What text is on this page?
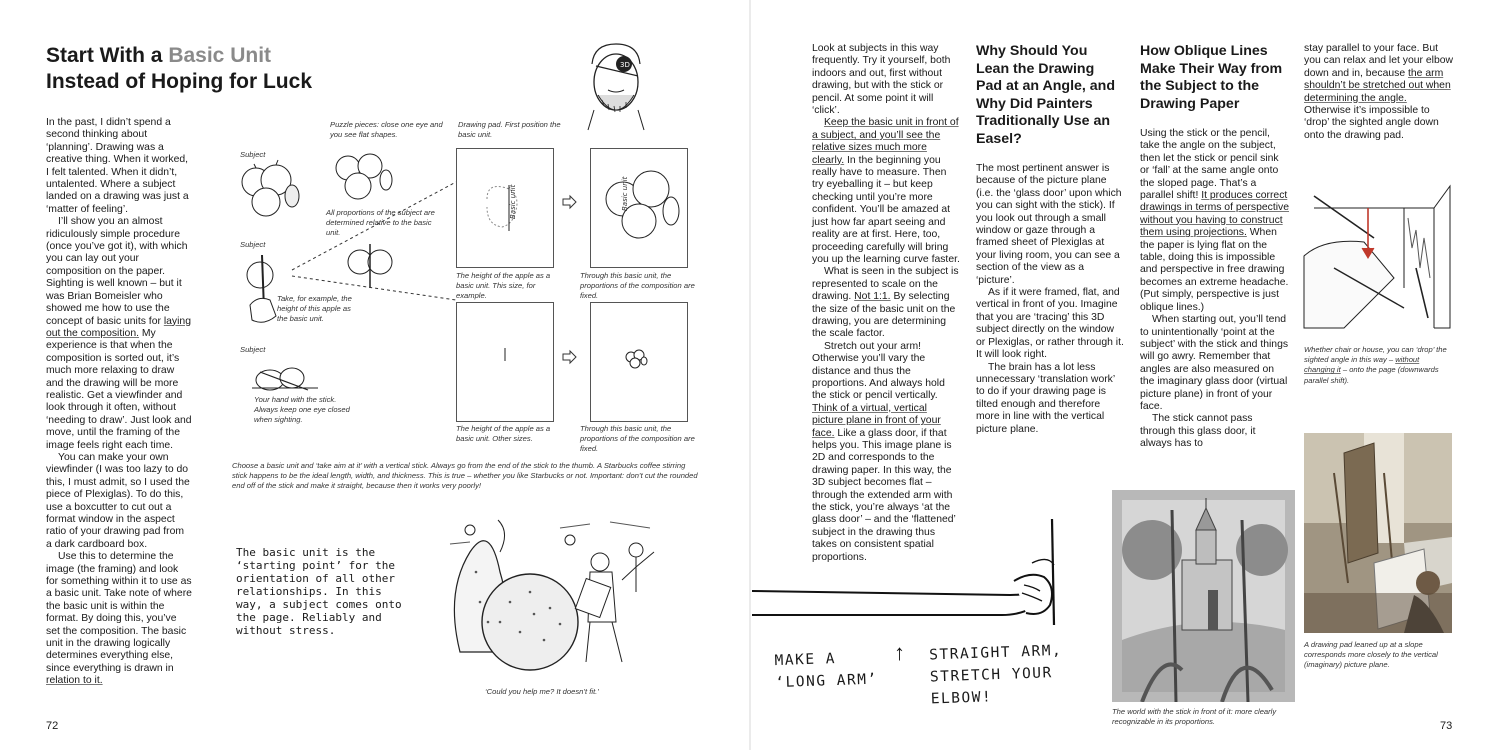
Start With a Basic Unit
Instead of Hoping for Luck
3D

In the past, I didn’t spend a second thinking about ‘planning’. Drawing was a creative thing. When it worked, I felt talented. When it didn’t, untalented. Where a subject landed on a drawing was just a ‘matter of feeling’.

I’ll show you an almost ridiculously simple procedure (once you’ve got it), with which you can lay out your composition on the paper. Sighting is well known – but it was Brian Bomeisler who showed me how to use the concept of basic units for laying out the composition. My experience is that when the composition is sorted out, it’s much more relaxing to draw and the drawing will be more realistic. Get a viewfinder and look through it often, without ‘needing to draw’. Just look and move, until the framing of the image feels right each time.

You can make your own viewfinder (I was too lazy to do this, I must admit, so I used the piece of Plexiglas). To do this, use a boxcutter to cut out a format window in the aspect ratio of your drawing pad from a dark cardboard box.

Use this to determine the image (the framing) and look for something within it to use as a basic unit. Take note of where the basic unit is within the format. By doing this, you’ve set the composition. The basic unit in the drawing logically determines everything else, since everything is drawn in relation to it.

Subject
Subject
Subject
Puzzle pieces: close one eye and you see flat shapes.
All proportions of the subject are determined relative to the basic unit.
Take, for example, the height of this apple as the basic unit.
Your hand with the stick. Always keep one eye closed when sighting.
Drawing pad. First position the basic unit.
Basic unit	Basic unit
The height of the apple as a basic unit. This size, for example.
Through this basic unit, the proportions of the composition are fixed.
The height of the apple as a basic unit. Other sizes.
Through this basic unit, the proportions of the composition are fixed.
Choose a basic unit and ‘take aim at it’ with a vertical stick. Always go from the end of the stick to the thumb. A Starbucks coffee stirring stick happens to be the ideal length, width, and thickness. This is true – whether you like Starbucks or not. Important: don’t cut the rounded end off of the stick and make it straight, because then it works very poorly!
The basic unit is the ‘starting point’ for the orientation of all other relationships. In this way, a subject comes onto the page. Reliably and without stress.
‘Could you help me? It doesn’t fit.’
72

Look at subjects in this way frequently. Try it yourself, both indoors and out, first without drawing, but with the stick or pencil. At some point it will ‘click’.

Keep the basic unit in front of a subject, and you’ll see the relative sizes much more clearly. In the beginning you really have to measure. Then try eyeballing it – but keep checking until you’re more confident. You’ll be amazed at just how far apart seeing and reality are at first. Here, too, proceeding carefully will bring you up the learning curve faster.

What is seen in the subject is represented to scale on the drawing. Not 1:1. By selecting the size of the basic unit on the drawing, you are determining the scale factor.

Stretch out your arm! Otherwise you’ll vary the distance and thus the proportions. And always hold the stick or pencil vertically. Think of a virtual, vertical picture plane in front of your face. Like a glass door, if that helps you. This image plane is 2D and corresponds to the drawing paper. In this way, the 3D subject becomes flat – through the extended arm with the stick, you’re always ‘at the glass door’ – and the ‘flattened’ subject in the drawing thus takes on consistent spatial proportions.

Why Should You Lean the Drawing Pad at an Angle, and Why Did Painters Traditionally Use an Easel?

The most pertinent answer is because of the picture plane (i.e. the ‘glass door’ upon which you can sight with the stick). If you look out through a small window or gaze through a framed sheet of Plexiglas at your living room, you can see a section of the view as a ‘picture’.

As if it were framed, flat, and vertical in front of you. Imagine that you are ‘tracing’ this 3D subject directly on the window or Plexiglas, or rather through it. It will look right.

The brain has a lot less unnecessary ‘translation work’ to do if your drawing page is tilted enough and therefore more in line with the vertical picture plane.

How Oblique Lines Make Their Way from the Subject to the Drawing Paper

Using the stick or the pencil, take the angle on the subject, then let the stick or pencil sink or ‘fall’ at the same angle onto the sloped page. That’s a parallel shift! It produces correct drawings in terms of perspective without you having to construct them using projections. When the paper is lying flat on the table, doing this is impossible and perspective in free drawing becomes an extreme headache. (Put simply, perspective is just oblique lines.)

When starting out, you’ll tend to unintentionally ‘point at the subject’ with the stick and things will go awry. Remember that angles are also measured on the imaginary glass door (virtual picture plane) in front of your face.

The stick cannot pass through this glass door, it always has to

stay parallel to your face. But you can relax and let your elbow down and in, because the arm shouldn’t be stretched out when determining the angle. Otherwise it’s impossible to ‘drop’ the sighted angle down onto the drawing pad.

Whether chair or house, you can ‘drop’ the sighted angle in this way – without changing it – onto the page (downwards parallel shift).
MAKE A ‘LONG ARM’
↑ STRAIGHT ARM, STRETCH YOUR ELBOW!
The world with the stick in front of it: more clearly recognizable in its proportions.
A drawing pad leaned up at a slope corresponds more closely to the vertical (imaginary) picture plane.
73
